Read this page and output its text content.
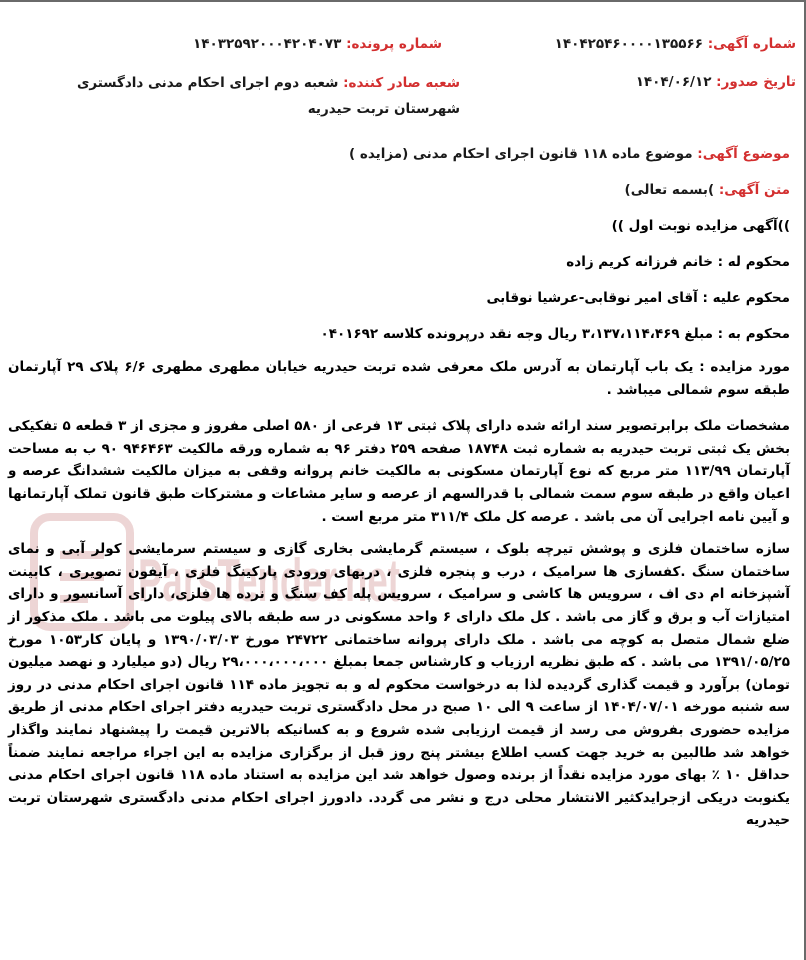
ParsTender.net
شماره آگهی: ۱۴۰۴۲۵۴۶۰۰۰۰۱۳۵۵۶۶
شماره پرونده: ۱۴۰۳۲۵۹۲۰۰۰۴۲۰۴۰۷۳
تاریخ صدور: ۱۴۰۴/۰۶/۱۲
شعبه صادر کننده: شعبه دوم اجرای احکام مدنی دادگستری شهرستان تربت حیدریه
موضوع آگهی: موضوع ماده ۱۱۸ قانون اجرای احکام مدنی (مزایده )
متن آگهی: )بسمه تعالی)
))آگهی مزایده نوبت اول ))
محکوم له : خانم فرزانه کریم زاده
محکوم علیه : آقای امیر نوقابی-عرشیا نوقابی
محکوم به : مبلغ ۳،۱۳۷،۱۱۴،۴۶۹ ریال وجه نقد درپرونده کلاسه ۰۴۰۱۶۹۲

مورد مزایده : یک باب آپارتمان به آدرس ملک معرفی شده تربت حیدریه خیابان مطهری مطهری ۶/۶ پلاک ۲۹ آپارتمان طبقه سوم شمالی میباشد .

مشخصات ملک برابرتصویر سند ارائه شده دارای پلاک ثبتی ۱۳ فرعی از ۵۸۰ اصلی مفروز و مجزی از ۳ قطعه ۵ تفکیکی بخش یک ثبتی تربت حیدریه به شماره ثبت ۱۸۷۴۸ صفحه ۲۵۹ دفتر ۹۶ به شماره ورقه مالکیت ۹۴۶۴۶۳ ۹۰ ب به مساحت آپارتمان ۱۱۳/۹۹ متر مربع که نوع آپارتمان مسکونی به مالکیت خانم پروانه وقفی به میزان مالکیت ششدانگ عرصه و اعیان واقع در طبقه سوم سمت شمالی با قدرالسهم از عرصه و سایر مشاعات و مشترکات طبق قانون تملک آپارتمانها و آیین نامه اجرایی آن می باشد . عرصه کل ملک ۳۱۱/۴ متر مربع است .

سازه ساختمان فلزی و پوشش تیرچه بلوک ، سیستم گرمایشی بخاری گازی و سیستم سرمایشی کولر آبی و نمای ساختمان سنگ .کفسازی ها سرامیک ، درب و پنجره فلزی ، دربهای ورودی پارکینگ فلزی ، آیفون تصویری ، کابینت آشپزخانه ام دی اف ، سرویس ها کاشی و سرامیک ، سرویس پله کف سنگ و نرده ها فلزی، دارای آسانسور و دارای امتیازات آب و برق و گاز می باشد . کل ملک دارای ۶ واحد مسکونی در سه طبقه بالای پیلوت می باشد . ملک مذکور از ضلع شمال متصل به کوچه می باشد . ملک دارای پروانه ساختمانی ۲۴۷۲۲ مورخ ۱۳۹۰/۰۳/۰۳ و پایان کار۱۰۵۳ مورخ ۱۳۹۱/۰۵/۲۵ می باشد . که طبق نظریه ارزیاب و کارشناس جمعا بمبلغ ۲۹،۰۰۰،۰۰۰،۰۰۰ ریال (دو میلیارد و نهصد میلیون تومان) برآورد و قیمت گذاری گردیده لذا به درخواست محکوم له و به تجویز ماده ۱۱۴ قانون اجرای احکام مدنی در روز سه شنبه مورخه ۱۴۰۴/۰۷/۰۱ از ساعت ۹ الی ۱۰ صبح در محل دادگستری تربت حیدریه دفتر اجرای احکام مدنی از طریق مزایده حضوری بفروش می رسد از قیمت ارزیابی شده شروع و به کسانیکه بالاترین قیمت را پیشنهاد نمایند واگذار خواهد شد طالبین به خرید جهت کسب اطلاع بیشتر پنج روز قبل از برگزاری مزایده به این اجراء مراجعه نمایند ضمناً حداقل ۱۰ ٪ بهای مورد مزایده نقداً از برنده وصول خواهد شد این مزایده به استناد ماده ۱۱۸ قانون اجرای احکام مدنی یکنوبت دریکی ازجرایدکثیر الانتشار محلی درج و نشر می گردد. دادورز اجرای احکام مدنی دادگستری شهرستان تربت حیدریه
